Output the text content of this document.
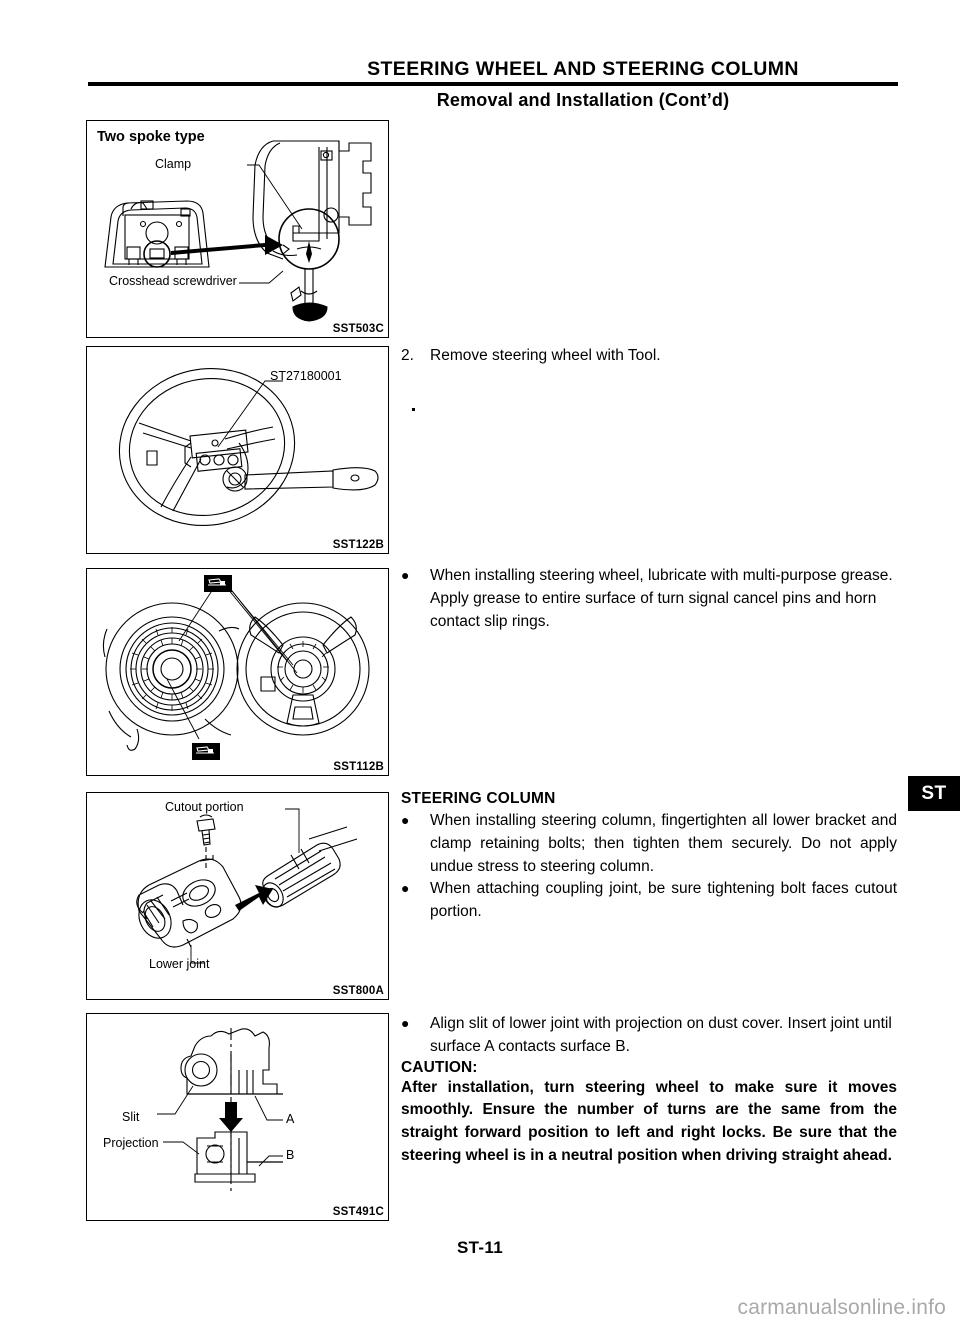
STEERING WHEEL AND STEERING COLUMN
Removal and Installation (Cont’d)
Two spoke type
Clamp
Crosshead screwdriver
SST503C
ST27180001
SST122B
SST112B
Cutout portion
Lower joint
SST800A
Slit
Projection
A
B
SST491C
2.	Remove steering wheel with Tool.
●	When installing steering wheel, lubricate with multi-purpose grease. Apply grease to entire surface of turn signal cancel pins and horn contact slip rings.
STEERING COLUMN
●	When installing steering column, fingertighten all lower bracket and clamp retaining bolts; then tighten them securely. Do not apply undue stress to steering column.
●	When attaching coupling joint, be sure tightening bolt faces cutout portion.
●	Align slit of lower joint with projection on dust cover. Insert joint until surface A contacts surface B.
CAUTION:
After installation, turn steering wheel to make sure it moves smoothly. Ensure the number of turns are the same from the straight forward position to left and right locks. Be sure that the steering wheel is in a neutral position when driving straight ahead.
ST
ST-11
carmanualsonline.info
